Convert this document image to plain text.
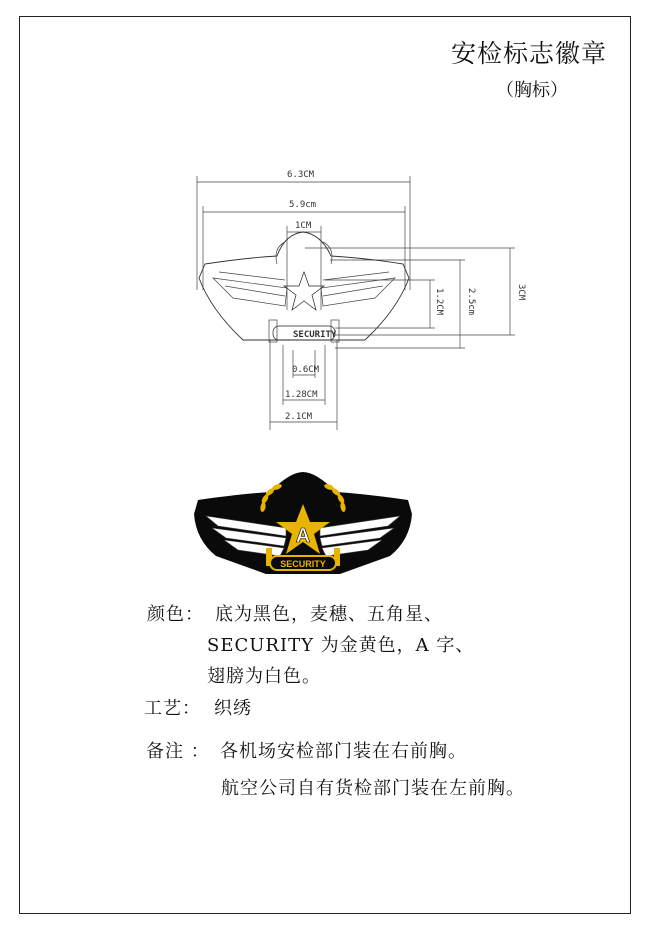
安检标志徽章
（胸标）
6.3CM
5.9cm
1CM
SECURITY
0.6CM
1.28CM
2.1CM
3CM
2.5cm
1.2CM
A
SECURITY
颜色： 底为黑色，麦穗、五角星、
SECURITY 为金黄色，A 字、
翅膀为白色。
工艺： 织绣
备注 ： 各机场安检部门装在右前胸。
航空公司自有货检部门装在左前胸。
